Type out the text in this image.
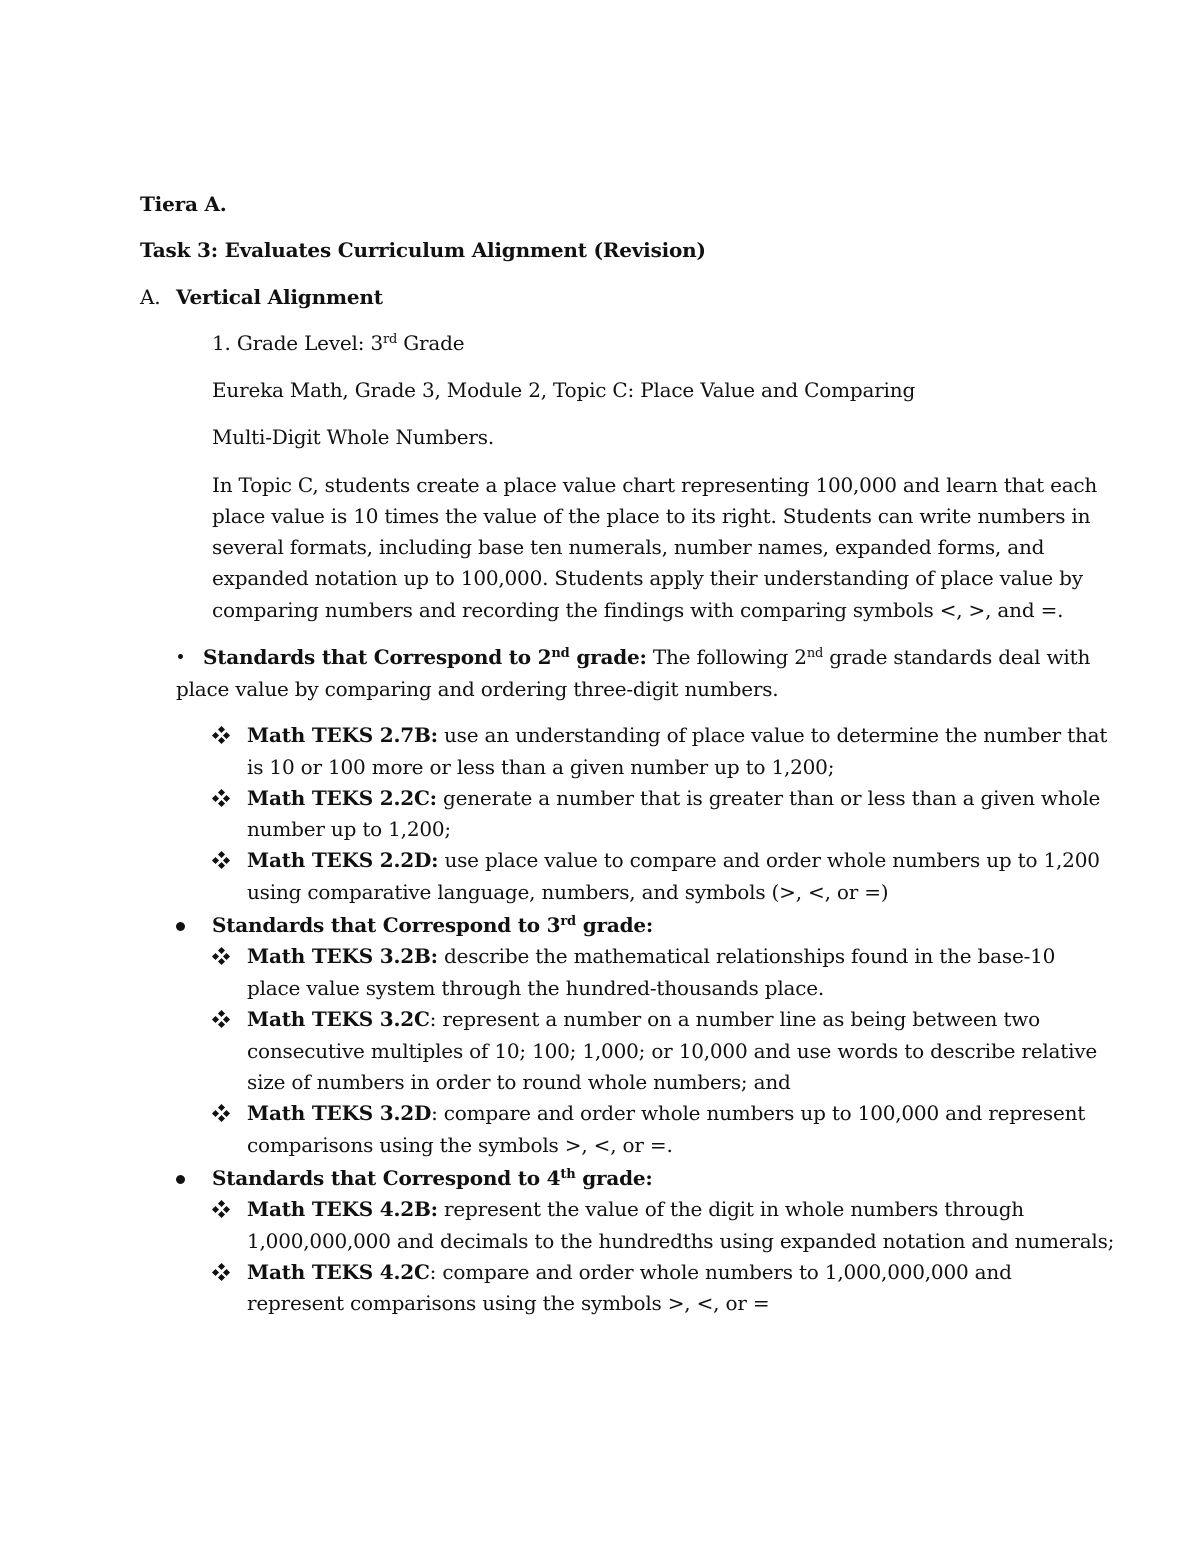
Tiera A.
Task 3: Evaluates Curriculum Alignment (Revision)
A. Vertical Alignment
1. Grade Level: 3rd Grade
Eureka Math, Grade 3, Module 2, Topic C: Place Value and Comparing
Multi-Digit Whole Numbers.
In Topic C, students create a place value chart representing 100,000 and learn that each
place value is 10 times the value of the place to its right. Students can write numbers in
several formats, including base ten numerals, number names, expanded forms, and
expanded notation up to 100,000. Students apply their understanding of place value by
comparing numbers and recording the findings with comparing symbols <, >, and =.
Standards that Correspond to 2nd grade: The following 2nd grade standards deal with
place value by comparing and ordering three-digit numbers.
Math TEKS 2.7B: use an understanding of place value to determine the number that
is 10 or 100 more or less than a given number up to 1,200;
Math TEKS 2.2C: generate a number that is greater than or less than a given whole
number up to 1,200;
Math TEKS 2.2D: use place value to compare and order whole numbers up to 1,200
using comparative language, numbers, and symbols (>, <, or =)
Standards that Correspond to 3rd grade:
Math TEKS 3.2B: describe the mathematical relationships found in the base-10
place value system through the hundred-thousands place.
Math TEKS 3.2C: represent a number on a number line as being between two
consecutive multiples of 10; 100; 1,000; or 10,000 and use words to describe relative
size of numbers in order to round whole numbers; and
Math TEKS 3.2D: compare and order whole numbers up to 100,000 and represent
comparisons using the symbols >, <, or =.
Standards that Correspond to 4th grade:
Math TEKS 4.2B: represent the value of the digit in whole numbers through
1,000,000,000 and decimals to the hundredths using expanded notation and numerals;
Math TEKS 4.2C: compare and order whole numbers to 1,000,000,000 and
represent comparisons using the symbols >, <, or =
